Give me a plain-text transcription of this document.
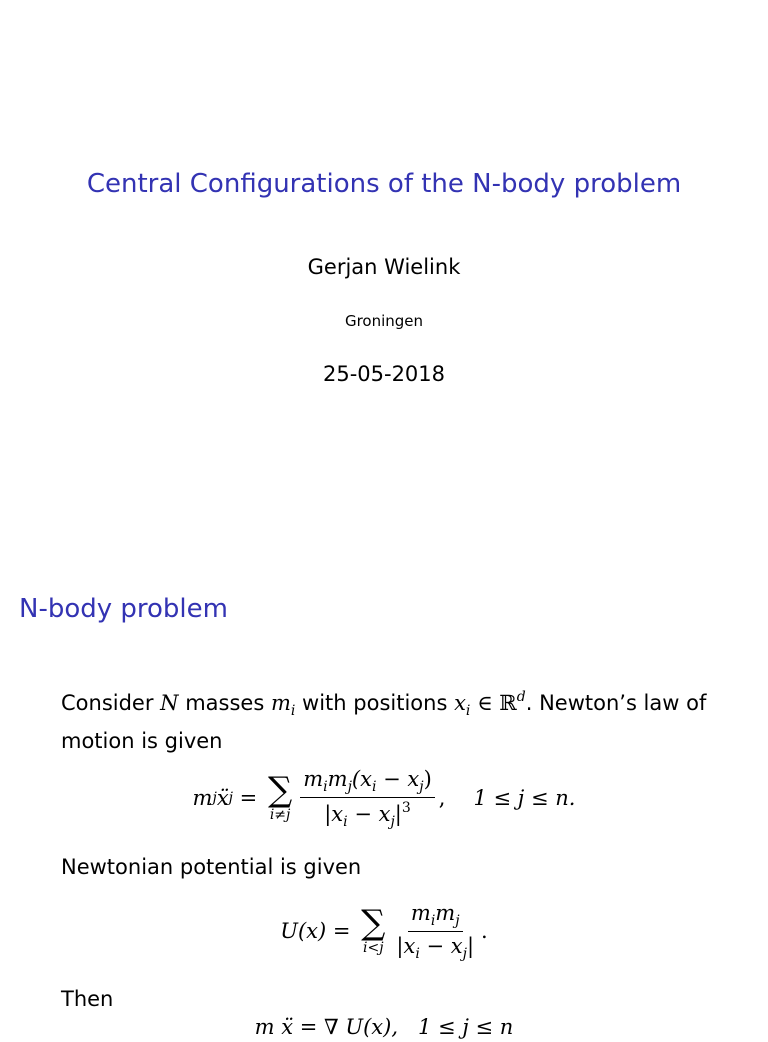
Central Configurations of the N-body problem
Gerjan Wielink
Groningen
25-05-2018
N-body problem

Consider N masses $m_i$ with positions $x_i$ ∈ ℝ$^d$. Newton’s law of motion is given

m j ẍ j = ∑
$i\ne j \frac{m_im_j(x_i - x_j)}{|x_i - x_j|^3}$ , 1 ≤ j ≤ n.

Newtonian potential is given

U(x) = ∑
$i<j \frac{m_im_j}{|x_i - x_j|}$ .

Then

m ẍ = ∇ U(x),   1 ≤ j ≤ n
